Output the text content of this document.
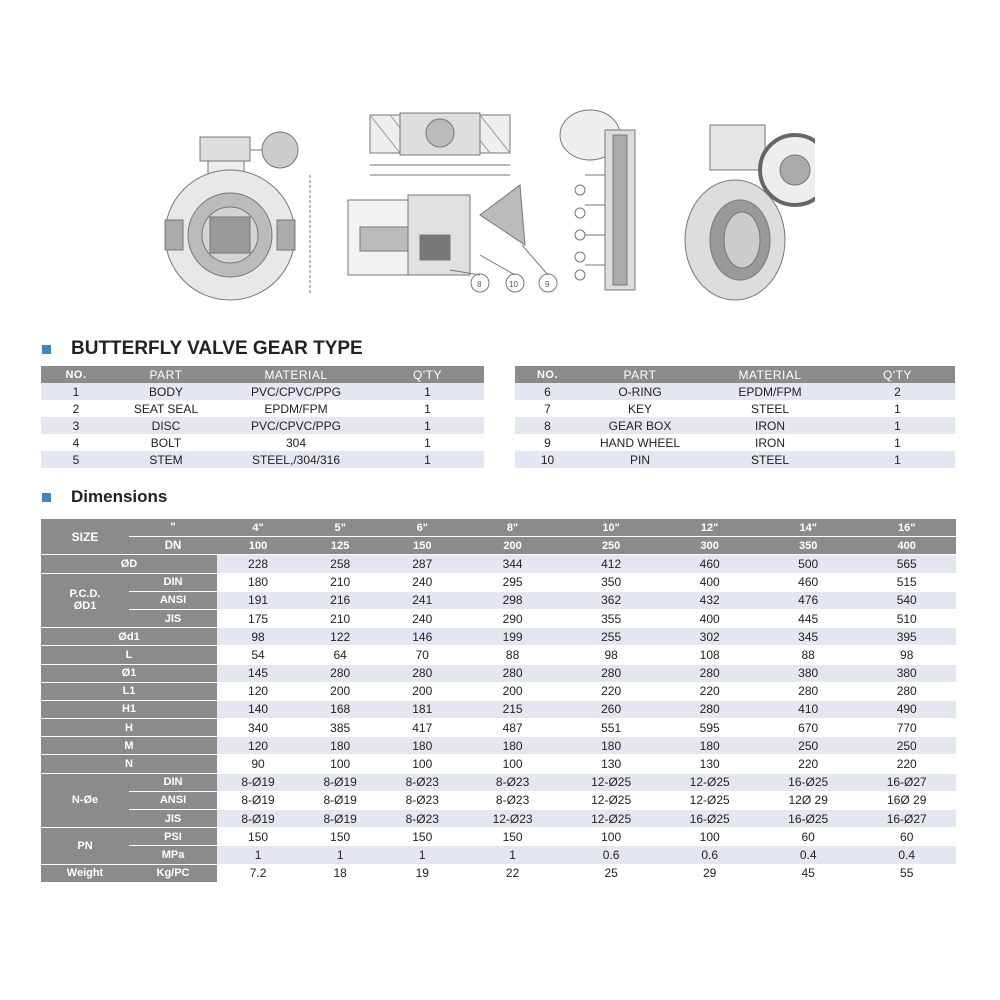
8	10	9
BUTTERFLY VALVE GEAR TYPE
NO.	PART	MATERIAL	Q'TY
1	BODY	PVC/CPVC/PPG	1
2	SEAT SEAL	EPDM/FPM	1
3	DISC	PVC/CPVC/PPG	1
4	BOLT	304	1
5	STEM	STEEL,/304/316	1
NO.	PART	MATERIAL	Q'TY
6	O-RING	EPDM/FPM	2
7	KEY	STEEL	1
8	GEAR BOX	IRON	1
9	HAND WHEEL	IRON	1
10	PIN	STEEL	1
Dimensions
SIZE	"	4"	5"	6"	8"	10"	12"	14"	16"
	DN	100	125	150	200	250	300	350	400
ØD		228	258	287	344	412	460	500	565
P.C.D.
ØD1	DIN	180	210	240	295	350	400	460	515
	ANSI	191	216	241	298	362	432	476	540
	JIS	175	210	240	290	355	400	445	510
Ød1		98	122	146	199	255	302	345	395
L		54	64	70	88	98	108	88	98
Ø1		145	280	280	280	280	280	380	380
L1		120	200	200	200	220	220	280	280
H1		140	168	181	215	260	280	410	490
H		340	385	417	487	551	595	670	770
M		120	180	180	180	180	180	250	250
N		90	100	100	100	130	130	220	220
N-Øe	DIN	8-Ø19	8-Ø19	8-Ø23	8-Ø23	12-Ø25	12-Ø25	16-Ø25	16-Ø27
	ANSI	8-Ø19	8-Ø19	8-Ø23	8-Ø23	12-Ø25	12-Ø25	12Ø 29	16Ø 29
	JIS	8-Ø19	8-Ø19	8-Ø23	12-Ø23	12-Ø25	16-Ø25	16-Ø25	16-Ø27
PN	PSI	150	150	150	150	100	100	60	60
	MPa	1	1	1	1	0.6	0.6	0.4	0.4
Weight	Kg/PC	7.2	18	19	22	25	29	45	55
